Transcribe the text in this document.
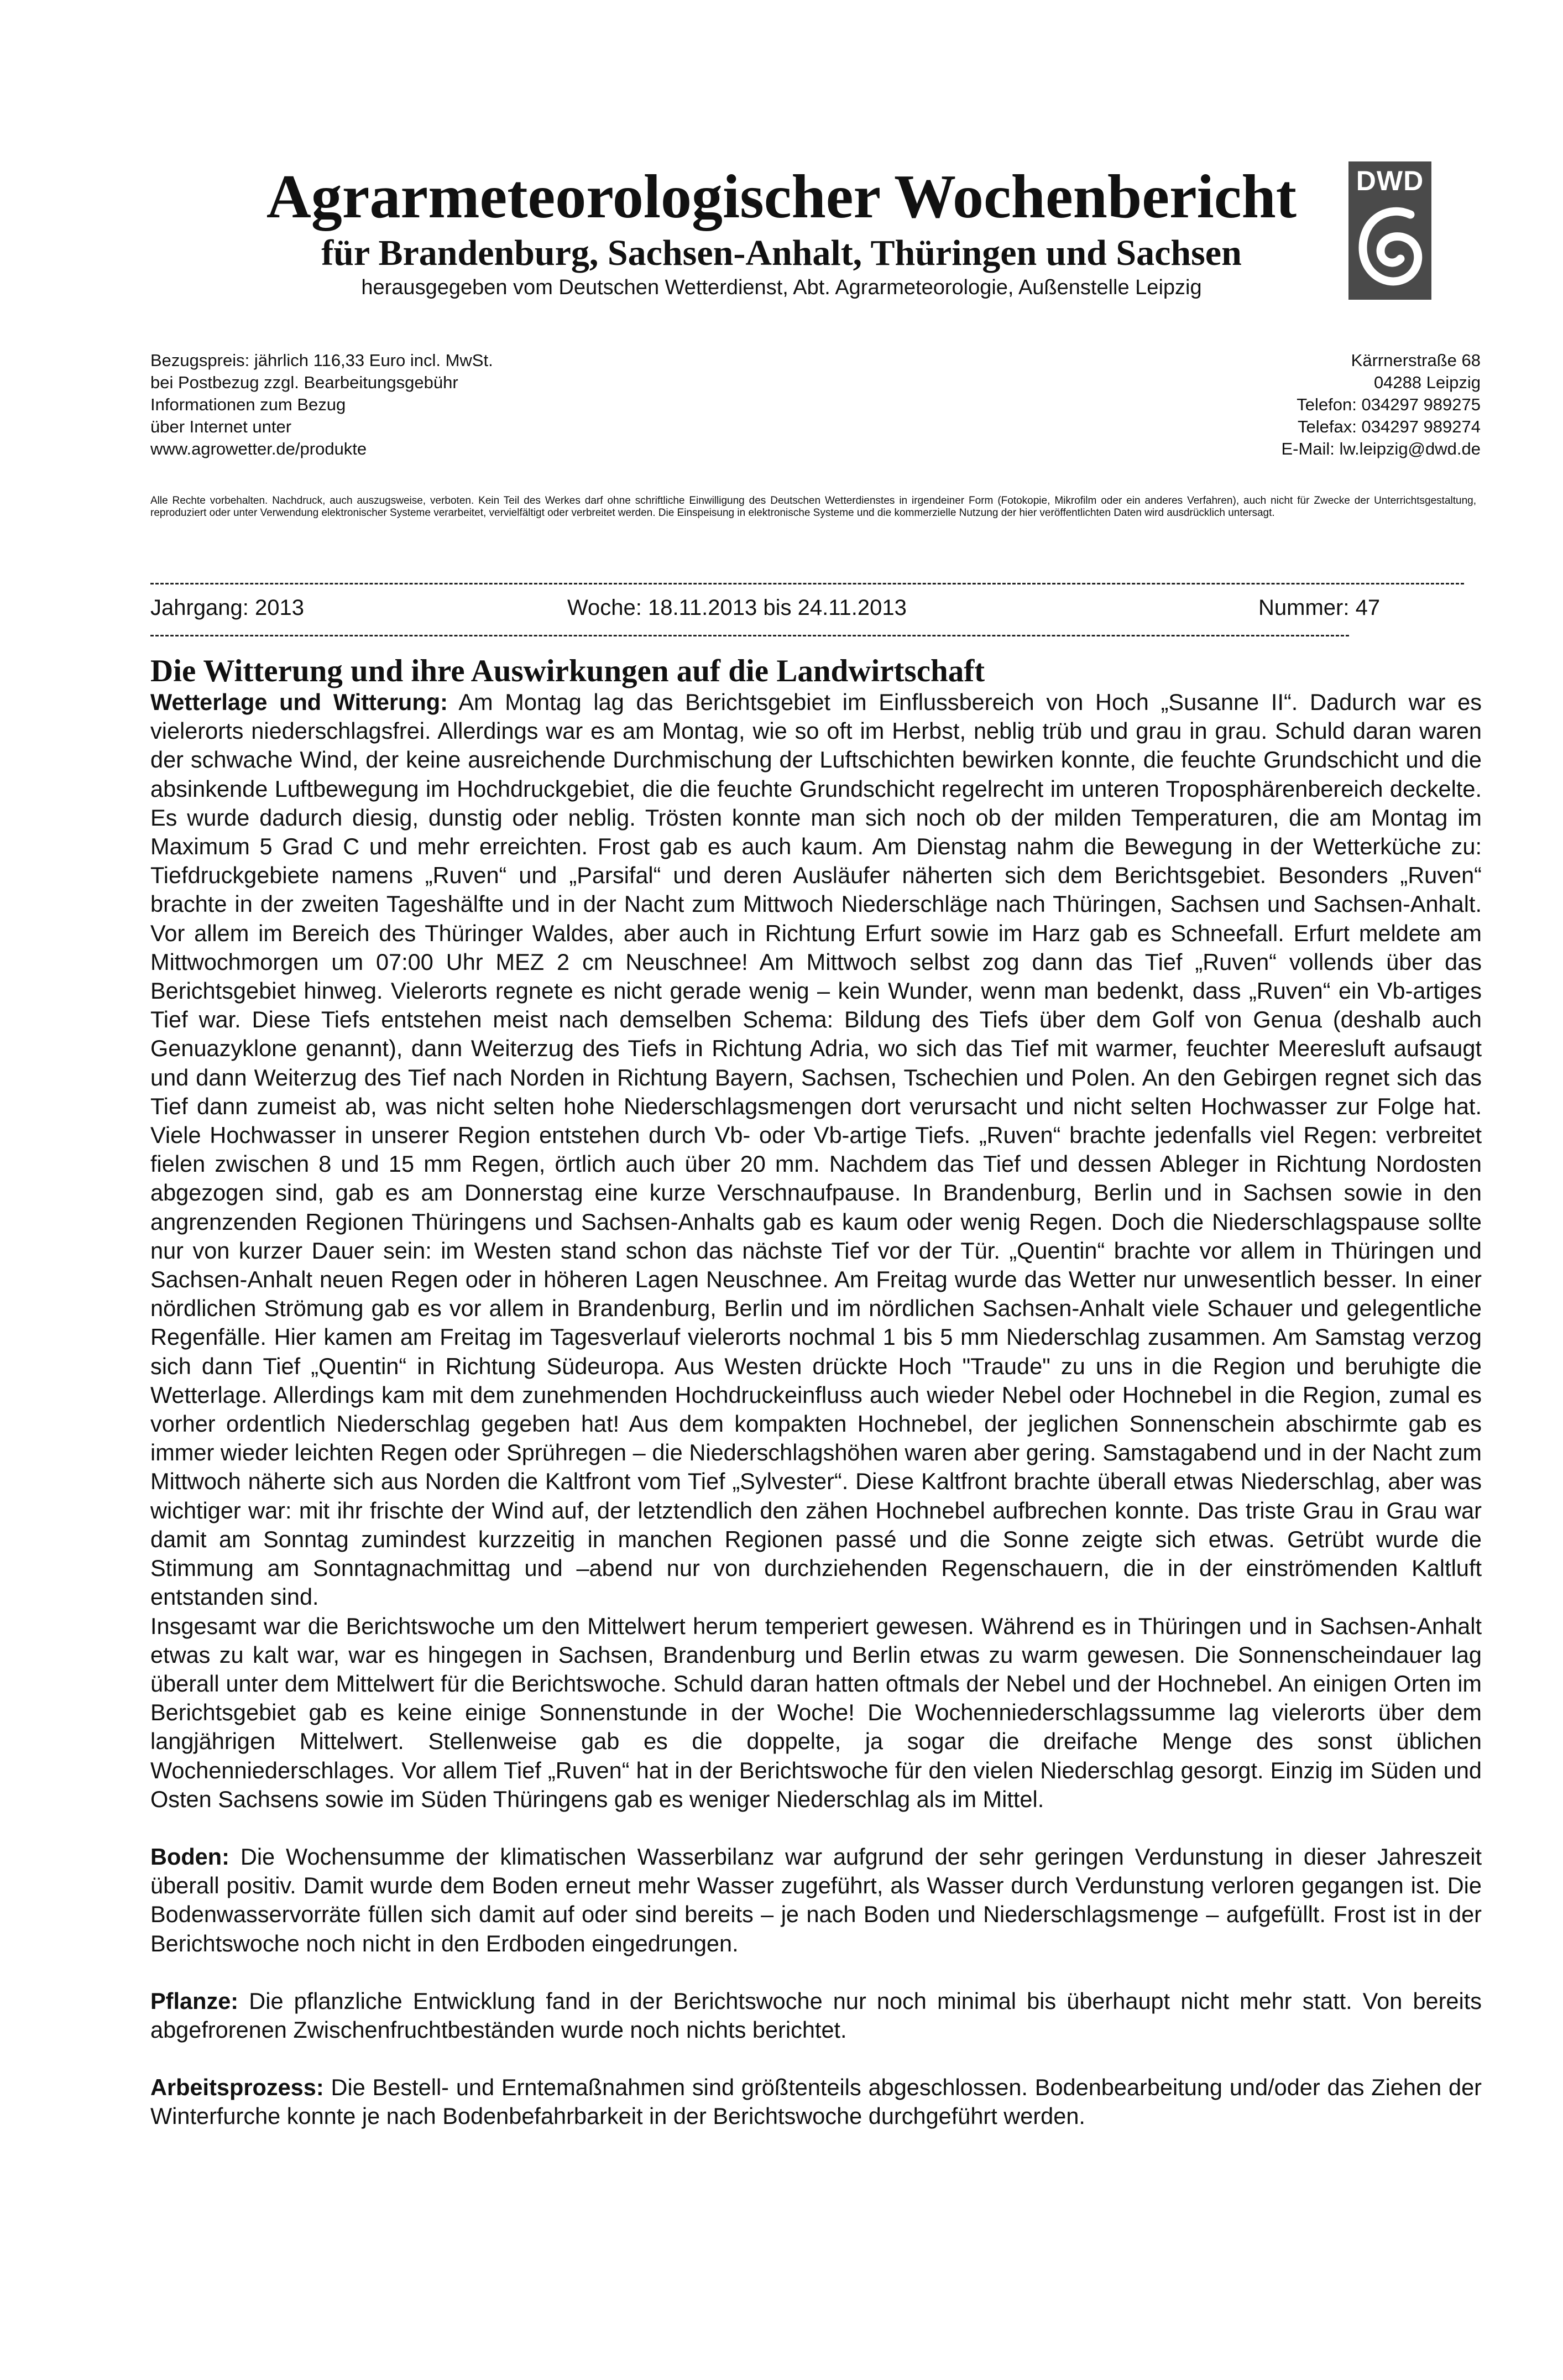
Agrarmeteorologischer Wochenbericht
für Brandenburg, Sachsen-Anhalt, Thüringen und Sachsen
herausgegeben vom Deutschen Wetterdienst, Abt. Agrarmeteorologie, Außenstelle Leipzig
DWD
Bezugspreis: jährlich 116,33 Euro incl. MwSt.
bei Postbezug zzgl. Bearbeitungsgebühr
Informationen zum Bezug
über Internet unter
www.agrowetter.de/produkte
Kärrnerstraße 68
04288 Leipzig
Telefon: 034297 989275
Telefax: 034297 989274
E-Mail: lw.leipzig@dwd.de
Alle Rechte vorbehalten. Nachdruck, auch auszugsweise, verboten. Kein Teil des Werkes darf ohne schriftliche Einwilligung des Deutschen Wetterdienstes in irgendeiner Form (Fotokopie, Mikrofilm oder ein anderes Verfahren), auch nicht für Zwecke der Unterrichtsgestaltung, reproduziert oder unter Verwendung elektronischer Systeme verarbeitet, vervielfältigt oder verbreitet werden. Die Einspeisung in elektronische Systeme und die kommerzielle Nutzung der hier veröffentlichten Daten wird ausdrücklich untersagt.
Jahrgang: 2013	Woche: 18.11.2013 bis 24.11.2013	Nummer: 47
Die Witterung und ihre Auswirkungen auf die Landwirtschaft

Wetterlage und Witterung: Am Montag lag das Berichtsgebiet im Einflussbereich von Hoch „Susanne II“. Dadurch war es vielerorts niederschlagsfrei. Allerdings war es am Montag, wie so oft im Herbst, neblig trüb und grau in grau. Schuld daran waren der schwache Wind, der keine ausreichende Durchmischung der Luftschichten bewirken konnte, die feuchte Grundschicht und die absinkende Luftbewegung im Hochdruckgebiet, die die feuchte Grundschicht regelrecht im unteren Troposphärenbereich deckelte. Es wurde dadurch diesig, dunstig oder neblig. Trösten konnte man sich noch ob der milden Temperaturen, die am Montag im Maximum 5 Grad C und mehr erreichten. Frost gab es auch kaum. Am Dienstag nahm die Bewegung in der Wetterküche zu: Tiefdruckgebiete namens „Ruven“ und „Parsifal“ und deren Ausläufer näherten sich dem Berichtsgebiet. Besonders „Ruven“ brachte in der zweiten Tageshälfte und in der Nacht zum Mittwoch Niederschläge nach Thüringen, Sachsen und Sachsen-Anhalt. Vor allem im Bereich des Thüringer Waldes, aber auch in Richtung Erfurt sowie im Harz gab es Schneefall. Erfurt meldete am Mittwochmorgen um 07:00 Uhr MEZ 2 cm Neuschnee! Am Mittwoch selbst zog dann das Tief „Ruven“ vollends über das Berichtsgebiet hinweg. Vielerorts regnete es nicht gerade wenig – kein Wunder, wenn man bedenkt, dass „Ruven“ ein Vb-artiges Tief war. Diese Tiefs entstehen meist nach demselben Schema: Bildung des Tiefs über dem Golf von Genua (deshalb auch Genuazyklone genannt), dann Weiterzug des Tiefs in Richtung Adria, wo sich das Tief mit warmer, feuchter Meeresluft aufsaugt und dann Weiterzug des Tief nach Norden in Richtung Bayern, Sachsen, Tschechien und Polen. An den Gebirgen regnet sich das Tief dann zumeist ab, was nicht selten hohe Niederschlagsmengen dort verursacht und nicht selten Hochwasser zur Folge hat. Viele Hochwasser in unserer Region entstehen durch Vb- oder Vb-artige Tiefs. „Ruven“ brachte jedenfalls viel Regen: verbreitet fielen zwischen 8 und 15 mm Regen, örtlich auch über 20 mm. Nachdem das Tief und dessen Ableger in Richtung Nordosten abgezogen sind, gab es am Donnerstag eine kurze Verschnaufpause. In Brandenburg, Berlin und in Sachsen sowie in den angrenzenden Regionen Thüringens und Sachsen-Anhalts gab es kaum oder wenig Regen. Doch die Niederschlagspause sollte nur von kurzer Dauer sein: im Westen stand schon das nächste Tief vor der Tür. „Quentin“ brachte vor allem in Thüringen und Sachsen-Anhalt neuen Regen oder in höheren Lagen Neuschnee. Am Freitag wurde das Wetter nur unwesentlich besser. In einer nördlichen Strömung gab es vor allem in Brandenburg, Berlin und im nördlichen Sachsen-Anhalt viele Schauer und gelegentliche Regenfälle. Hier kamen am Freitag im Tagesverlauf vielerorts nochmal 1 bis 5 mm Niederschlag zusammen. Am Samstag verzog sich dann Tief „Quentin“ in Richtung Südeuropa. Aus Westen drückte Hoch "Traude" zu uns in die Region und beruhigte die Wetterlage. Allerdings kam mit dem zunehmenden Hochdruckeinfluss auch wieder Nebel oder Hochnebel in die Region, zumal es vorher ordentlich Niederschlag gegeben hat! Aus dem kompakten Hochnebel, der jeglichen Sonnenschein abschirmte gab es immer wieder leichten Regen oder Sprühregen – die Niederschlagshöhen waren aber gering. Samstagabend und in der Nacht zum Mittwoch näherte sich aus Norden die Kaltfront vom Tief „Sylvester“. Diese Kaltfront brachte überall etwas Niederschlag, aber was wichtiger war: mit ihr frischte der Wind auf, der letztendlich den zähen Hochnebel aufbrechen konnte. Das triste Grau in Grau war damit am Sonntag zumindest kurzzeitig in manchen Regionen passé und die Sonne zeigte sich etwas. Getrübt wurde die Stimmung am Sonntagnachmittag und –abend nur von durchziehenden Regenschauern, die in der einströmenden Kaltluft entstanden sind.

Insgesamt war die Berichtswoche um den Mittelwert herum temperiert gewesen. Während es in Thüringen und in Sachsen-Anhalt etwas zu kalt war, war es hingegen in Sachsen, Brandenburg und Berlin etwas zu warm gewesen. Die Sonnenscheindauer lag überall unter dem Mittelwert für die Berichtswoche. Schuld daran hatten oftmals der Nebel und der Hochnebel. An einigen Orten im Berichtsgebiet gab es keine einige Sonnenstunde in der Woche! Die Wochenniederschlagssumme lag vielerorts über dem langjährigen Mittelwert. Stellenweise gab es die doppelte, ja sogar die dreifache Menge des sonst üblichen Wochenniederschlages. Vor allem Tief „Ruven“ hat in der Berichtswoche für den vielen Niederschlag gesorgt. Einzig im Süden und Osten Sachsens sowie im Süden Thüringens gab es weniger Niederschlag als im Mittel.

Boden: Die Wochensumme der klimatischen Wasserbilanz war aufgrund der sehr geringen Verdunstung in dieser Jahreszeit überall positiv. Damit wurde dem Boden erneut mehr Wasser zugeführt, als Wasser durch Verdunstung verloren gegangen ist. Die Bodenwasservorräte füllen sich damit auf oder sind bereits – je nach Boden und Niederschlagsmenge – aufgefüllt. Frost ist in der Berichtswoche noch nicht in den Erdboden eingedrungen.

Pflanze: Die pflanzliche Entwicklung fand in der Berichtswoche nur noch minimal bis überhaupt nicht mehr statt. Von bereits abgefrorenen Zwischenfruchtbeständen wurde noch nichts berichtet.

Arbeitsprozess: Die Bestell- und Erntemaßnahmen sind größtenteils abgeschlossen. Bodenbearbeitung und/oder das Ziehen der Winterfurche konnte je nach Bodenbefahrbarkeit in der Berichtswoche durchgeführt werden.
